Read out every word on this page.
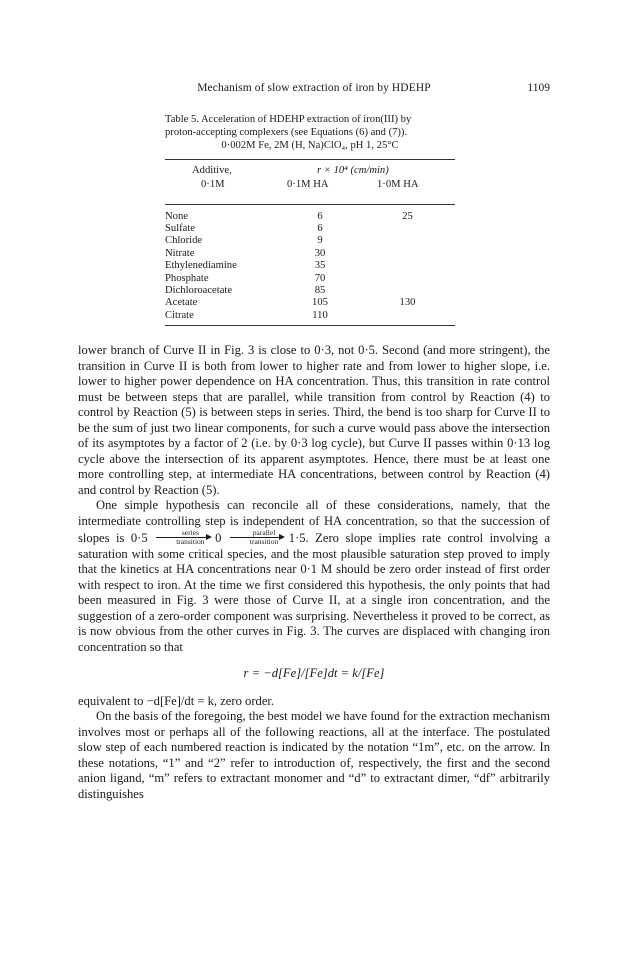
Mechanism of slow extraction of iron by HDEHP	1109
Table 5. Acceleration of HDEHP extraction of iron(III) by
proton-accepting complexers (see Equations (6) and (7)).
0·002M Fe, 2M (H, Na)ClO₄, pH 1, 25°C
Additive,
0·1M
r × 10⁴ (cm/min)
0·1M HA	1·0M HA
None	6	25
Sulfate	6	
Chloride	9	
Nitrate	30	
Ethylenediamine	35	
Phosphate	70	
Dichloroacetate	85	
Acetate	105	130
Citrate	110	

lower branch of Curve II in Fig. 3 is close to 0·3, not 0·5. Second (and more stringent), the transition in Curve II is both from lower to higher rate and from lower to higher slope, i.e. lower to higher power dependence on HA concentration. Thus, this transition in rate control must be between steps that are parallel, while transition from control by Reaction (4) to control by Reaction (5) is between steps in series. Third, the bend is too sharp for Curve II to be the sum of just two linear components, for such a curve would pass above the intersection of its asymptotes by a factor of 2 (i.e. by 0·3 log cycle), but Curve II passes within 0·13 log cycle above the intersection of its apparent asymptotes. Hence, there must be at least one more controlling step, at intermediate HA concentrations, between control by Reaction (4) and control by Reaction (5).

One simple hypothesis can reconcile all of these considerations, namely, that the intermediate controlling step is independent of HA concentration, so that the succession of slopes is 0·5	series
transition 0	parallel
transition 1·5. Zero slope implies rate control involving a saturation with some critical species, and the most plausible saturation step proved to imply that the kinetics at HA concentrations near 0·1 M should be zero order instead of first order with respect to iron. At the time we first considered this hypothesis, the only points that had been measured in Fig. 3 were those of Curve II, at a single iron concentration, and the suggestion of a zero-order component was surprising. Nevertheless it proved to be correct, as is now obvious from the other curves in Fig. 3. The curves are displaced with changing iron concentration so that

r = −d[Fe]/[Fe]dt = k/[Fe]

equivalent to −d[Fe]/dt = k, zero order.

On the basis of the foregoing, the best model we have found for the extraction mechanism involves most or perhaps all of the following reactions, all at the interface. The postulated slow step of each numbered reaction is indicated by the notation “1m”, etc. on the arrow. In these notations, “1” and “2” refer to introduction of, respectively, the first and the second anion ligand, “m” refers to extractant monomer and “d” to extractant dimer, “df” arbitrarily distinguishes
